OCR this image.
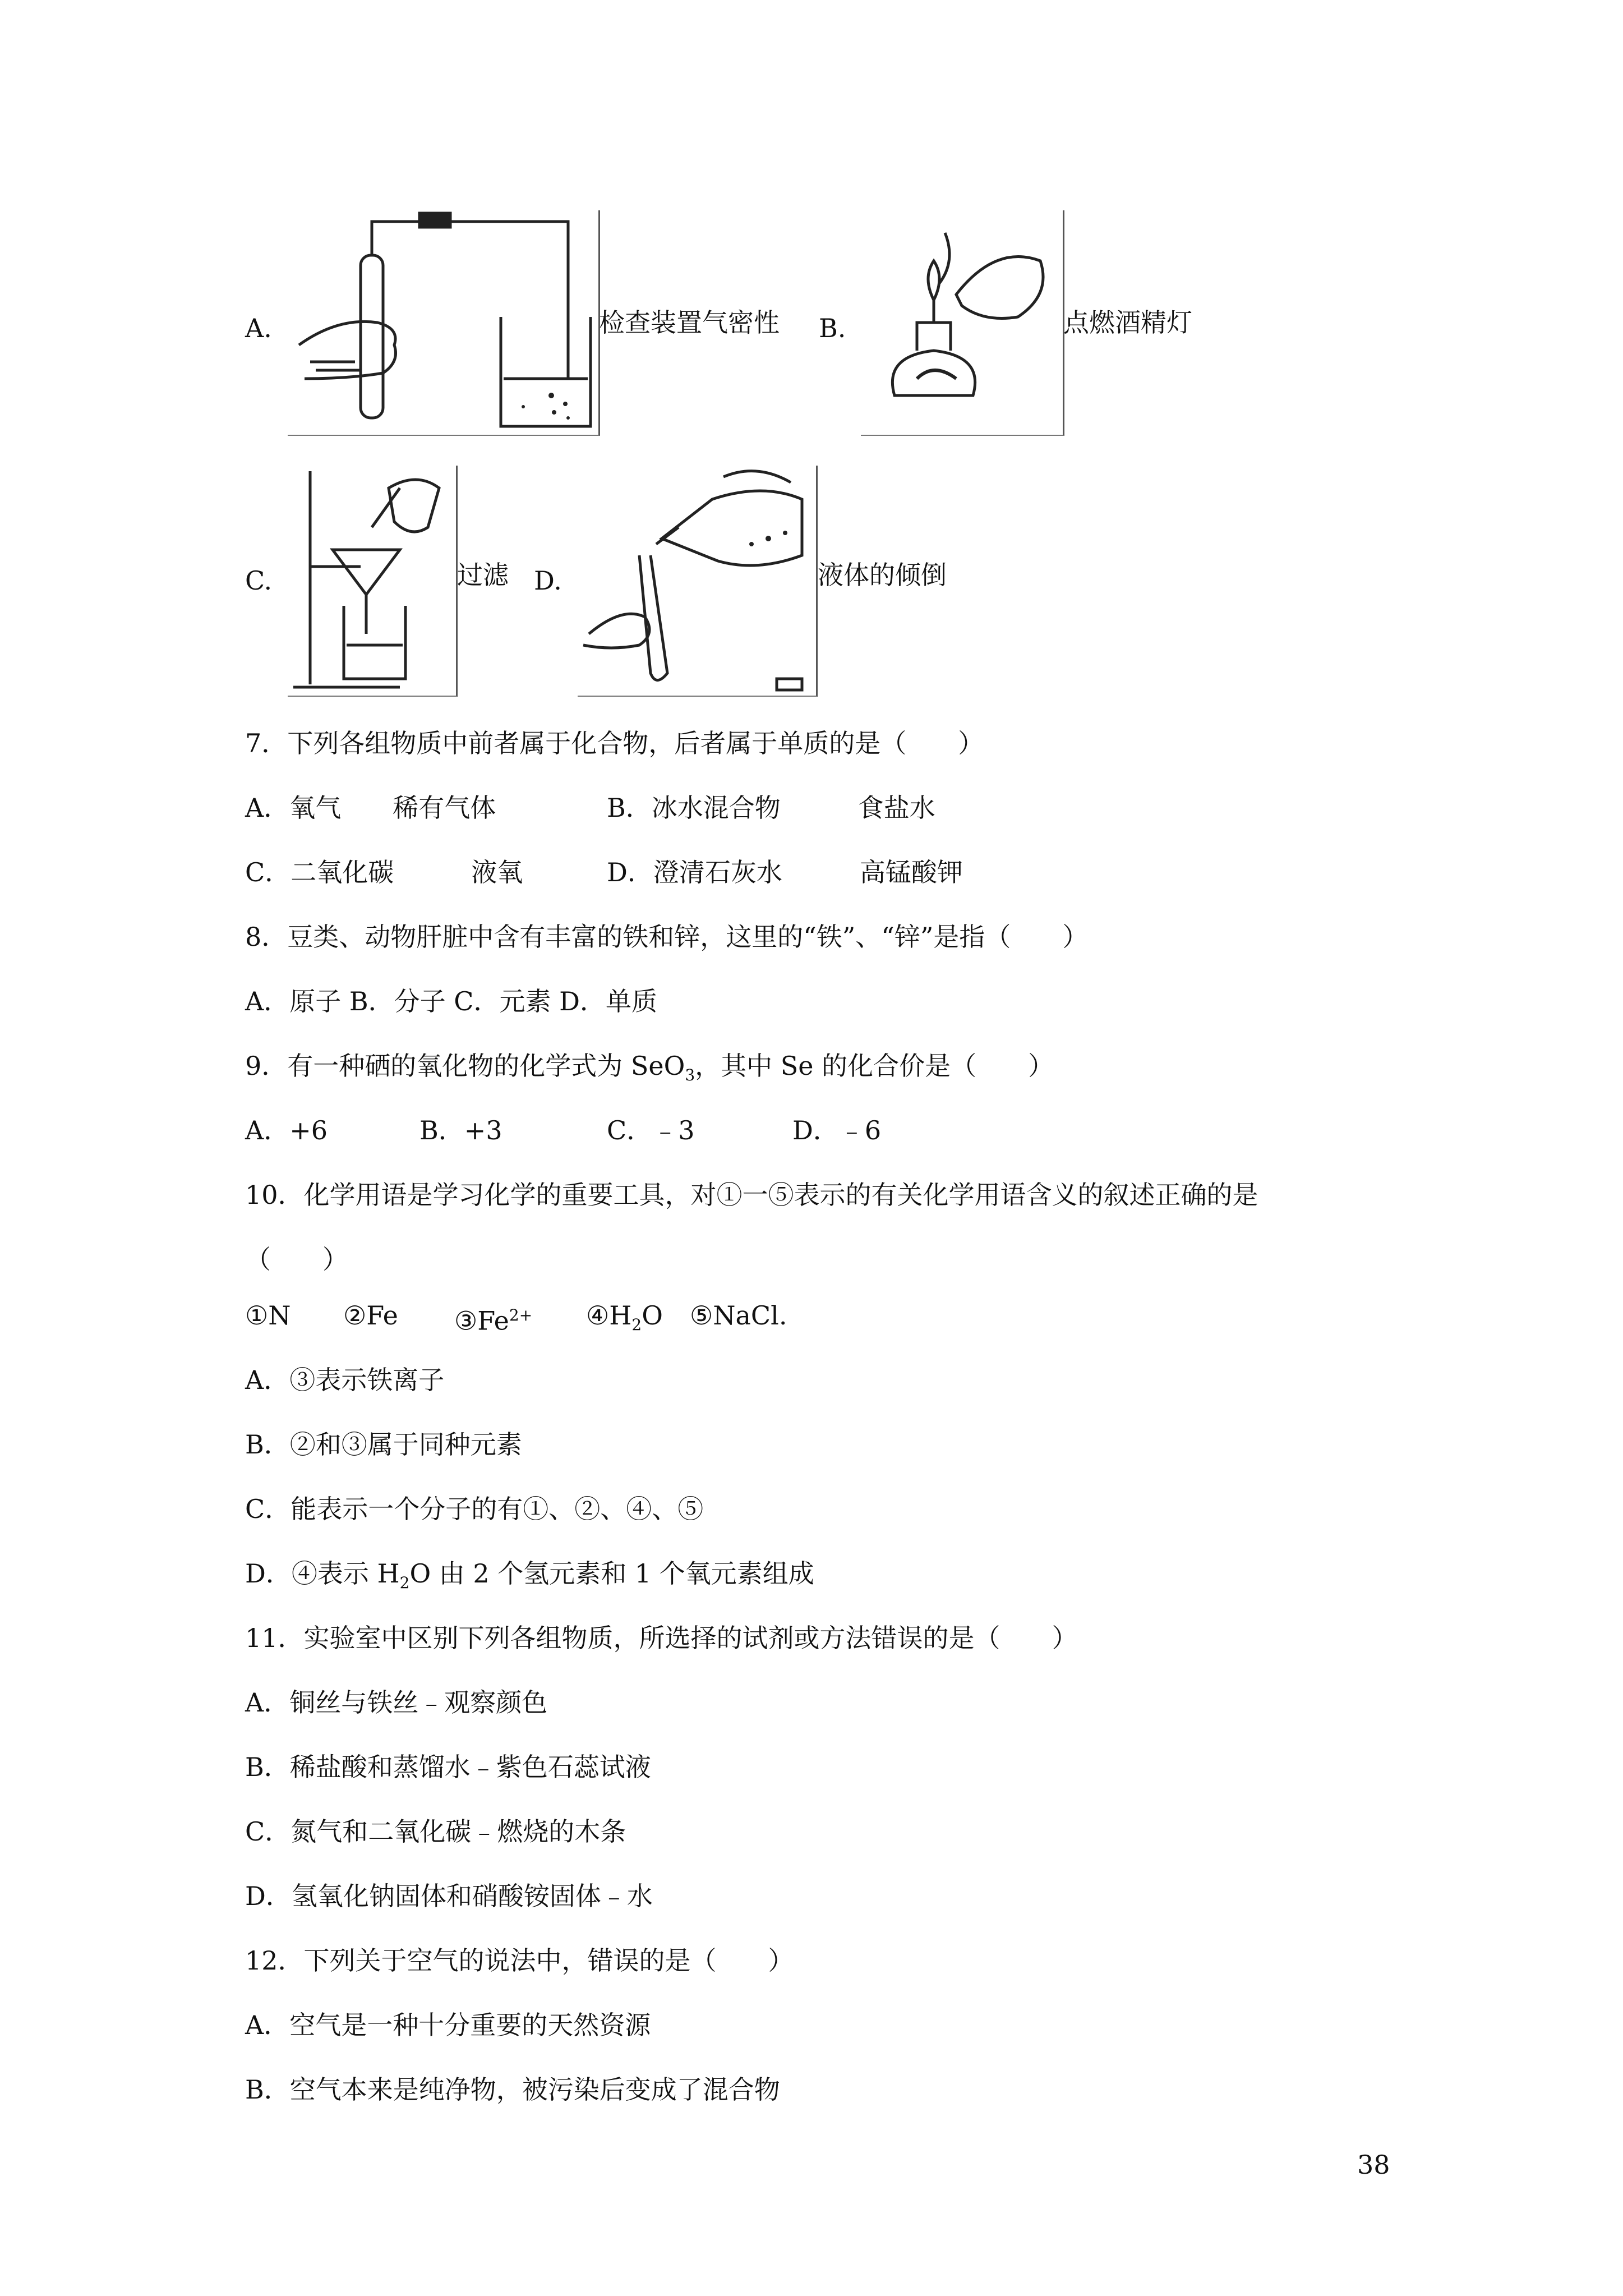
A.	检查装置气密性 B.	点燃酒精灯
C.	过滤 D.	液体的倾倒
7．下列各组物质中前者属于化合物，后者属于单质的是（　　）
A．氧气　　稀有气体	B．冰水混合物　　　食盐水
C．二氧化碳　　　液氧	D．澄清石灰水　　　高锰酸钾
8．豆类、动物肝脏中含有丰富的铁和锌，这里的“铁”、“锌”是指（　　）
A．原子 B．分子 C．元素 D．单质
9．有一种硒的氧化物的化学式为 SeO$_3$，其中 Se 的化合价是（　　）
A．+6	B．+3	C．﹣3	D．﹣6
10．化学用语是学习化学的重要工具，对①一⑤表示的有关化学用语含义的叙述正确的是
（　　）
①N ②Fe $③Fe^{2+}$ $④H_2O$ ⑤NaCl.
A．③表示铁离子
B．②和③属于同种元素
C．能表示一个分子的有①、②、④、⑤
D．④表示 $H_2O$ 由 2 个氢元素和 1 个氧元素组成
11．实验室中区别下列各组物质，所选择的试剂或方法错误的是（　　）
A．铜丝与铁丝﹣观察颜色
B．稀盐酸和蒸馏水﹣紫色石蕊试液
C．氮气和二氧化碳﹣燃烧的木条
D．氢氧化钠固体和硝酸铵固体﹣水
12．下列关于空气的说法中，错误的是（　　）
A．空气是一种十分重要的天然资源
B．空气本来是纯净物，被污染后变成了混合物
38
